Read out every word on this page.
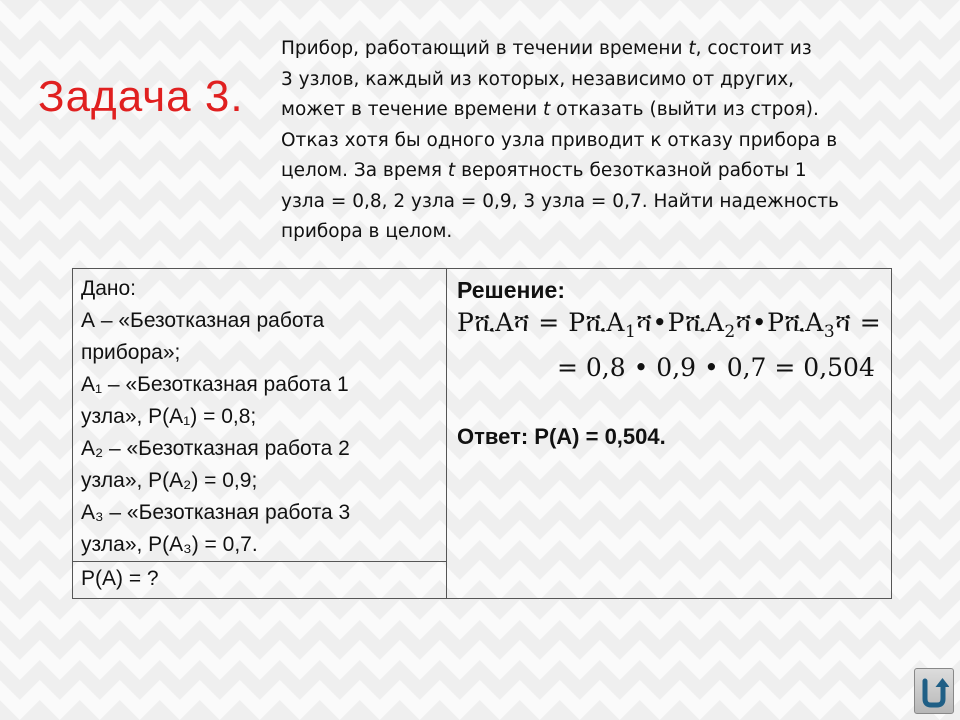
Задача 3.
Прибор, работающий в течении времени t, состоит из
3 узлов, каждый из которых, независимо от других,
может в течение времени t отказать (выйти из строя).
Отказ хотя бы одного узла приводит к отказу прибора в
целом. За время t вероятность безотказной работы 1
узла = 0,8, 2 узла = 0,9, 3 узла = 0,7. Найти надежность
прибора в целом.
Дано:
А – «Безотказная работа
прибора»;
А₁ – «Безотказная работа 1
узла», Р(А₁) = 0,8;
А₂ – «Безотказная работа 2
узла», Р(А₂) = 0,9;
А₃ – «Безотказная работа 3
узла», Р(А₃) = 0,7.

Решение:
PሺAሻ = PሺA$_1$ሻ•PሺA$_2$ሻ•PሺA$_3$ሻ =
= 0,8 • 0,9 • 0,7 = 0,504
Ответ: Р(А) = 0,504.

Р(А) = ?
